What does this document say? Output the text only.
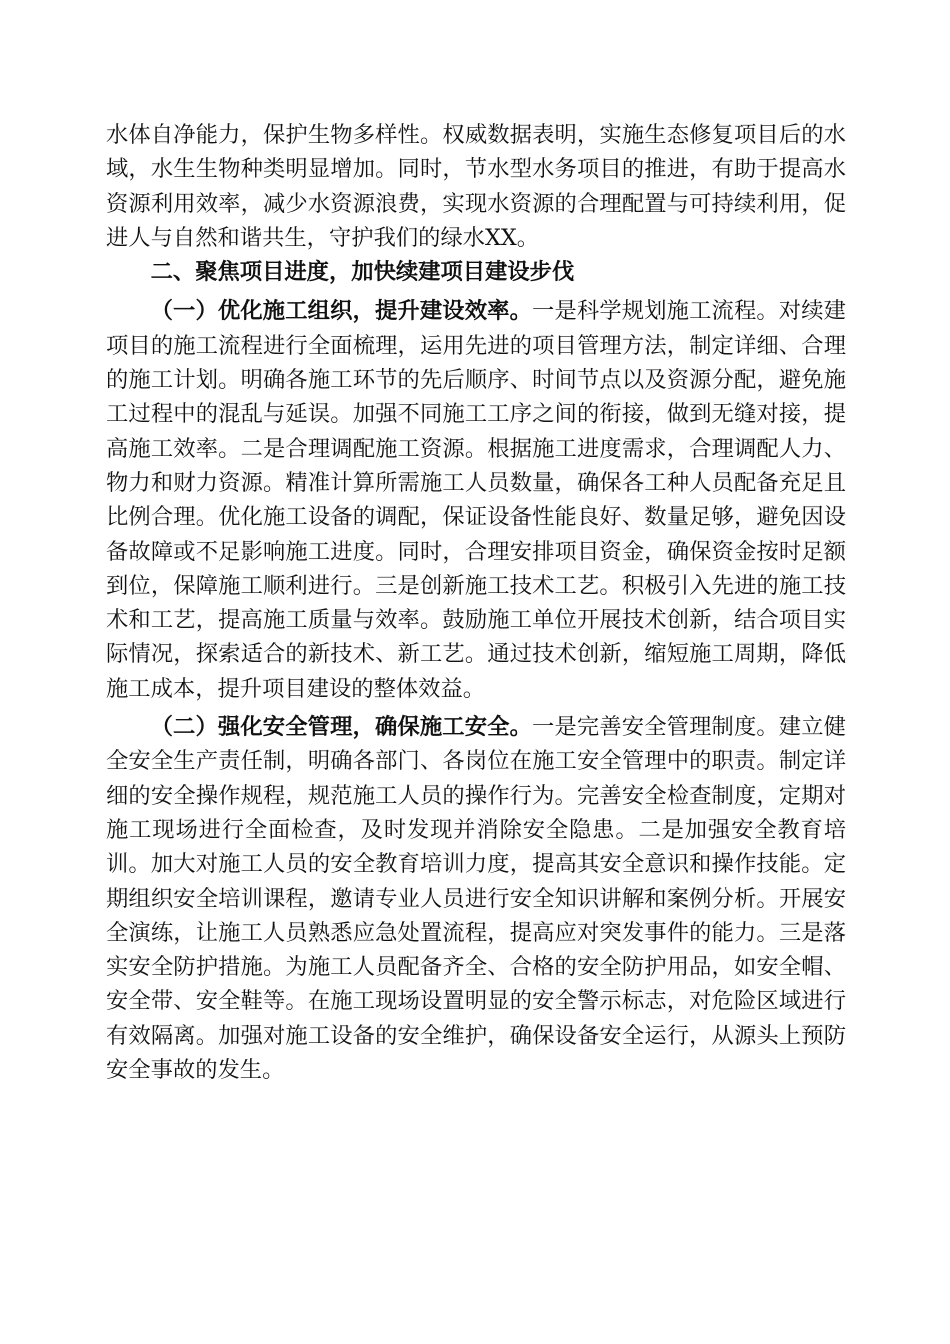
水体自净能力，保护生物多样性。权威数据表明，实施生态修复项目后的水域，水生生物种类明显增加。同时，节水型水务项目的推进，有助于提高水资源利用效率，减少水资源浪费，实现水资源的合理配置与可持续利用，促进人与自然和谐共生，守护我们的绿水XX。

二、聚焦项目进度，加快续建项目建设步伐

（一）优化施工组织，提升建设效率。一是科学规划施工流程。对续建项目的施工流程进行全面梳理，运用先进的项目管理方法，制定详细、合理的施工计划。明确各施工环节的先后顺序、时间节点以及资源分配，避免施工过程中的混乱与延误。加强不同施工工序之间的衔接，做到无缝对接，提高施工效率。二是合理调配施工资源。根据施工进度需求，合理调配人力、物力和财力资源。精准计算所需施工人员数量，确保各工种人员配备充足且比例合理。优化施工设备的调配，保证设备性能良好、数量足够，避免因设备故障或不足影响施工进度。同时，合理安排项目资金，确保资金按时足额到位，保障施工顺利进行。三是创新施工技术工艺。积极引入先进的施工技术和工艺，提高施工质量与效率。鼓励施工单位开展技术创新，结合项目实际情况，探索适合的新技术、新工艺。通过技术创新，缩短施工周期，降低施工成本，提升项目建设的整体效益。

（二）强化安全管理，确保施工安全。一是完善安全管理制度。建立健全安全生产责任制，明确各部门、各岗位在施工安全管理中的职责。制定详细的安全操作规程，规范施工人员的操作行为。完善安全检查制度，定期对施工现场进行全面检查，及时发现并消除安全隐患。二是加强安全教育培训。加大对施工人员的安全教育培训力度，提高其安全意识和操作技能。定期组织安全培训课程，邀请专业人员进行安全知识讲解和案例分析。开展安全演练，让施工人员熟悉应急处置流程，提高应对突发事件的能力。三是落实安全防护措施。为施工人员配备齐全、合格的安全防护用品，如安全帽、安全带、安全鞋等。在施工现场设置明显的安全警示标志，对危险区域进行有效隔离。加强对施工设备的安全维护，确保设备安全运行，从源头上预防安全事故的发生。
